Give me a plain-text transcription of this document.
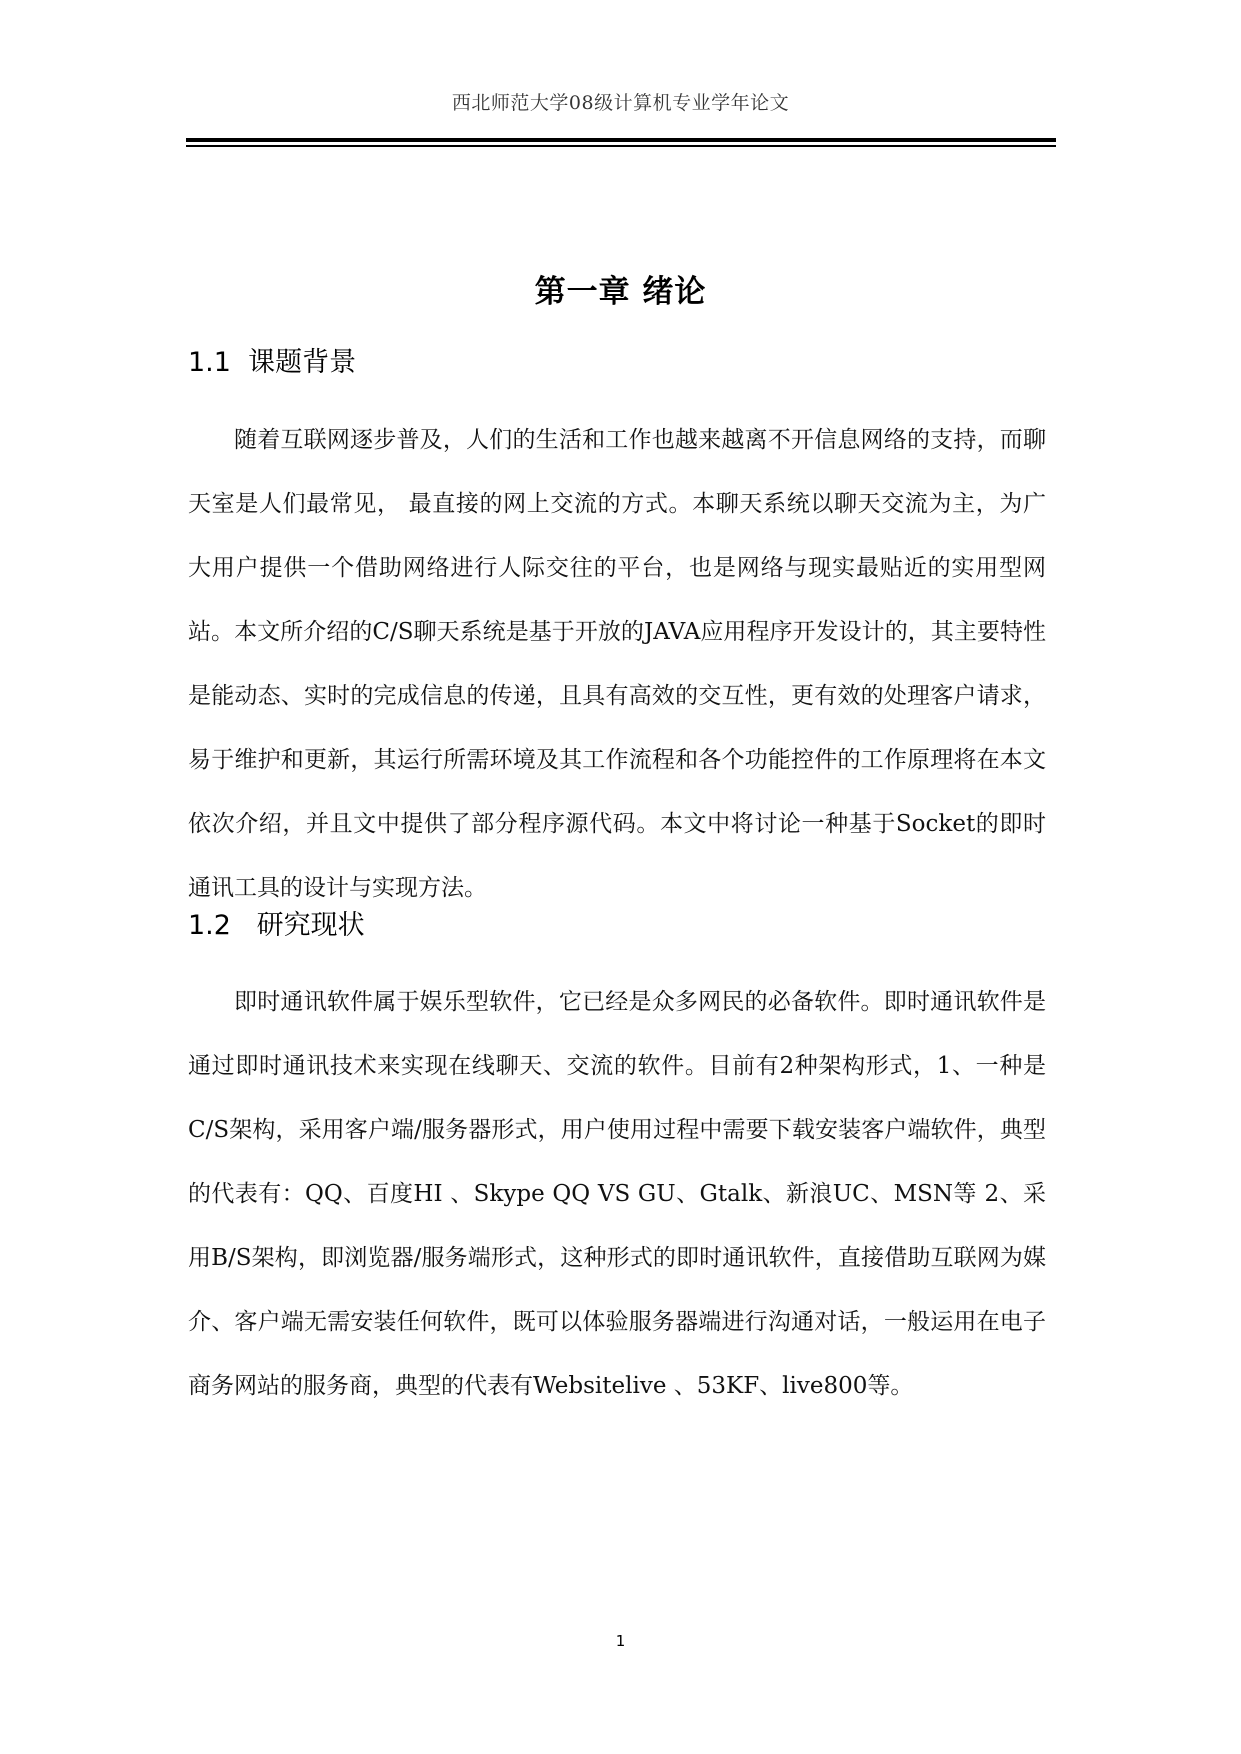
西北师范大学08级计算机专业学年论文
第一章 绪论
1.1  课题背景
随着互联网逐步普及，人们的生活和工作也越来越离不开信息网络的支持，而聊天室是人们最常见， 最直接的网上交流的方式。本聊天系统以聊天交流为主，为广大用户提供一个借助网络进行人际交往的平台，也是网络与现实最贴近的实用型网站。本文所介绍的C/S聊天系统是基于开放的JAVA应用程序开发设计的，其主要特性是能动态、实时的完成信息的传递，且具有高效的交互性，更有效的处理客户请求，易于维护和更新，其运行所需环境及其工作流程和各个功能控件的工作原理将在本文依次介绍，并且文中提供了部分程序源代码。本文中将讨论一种基于Socket的即时通讯工具的设计与实现方法。
1.2   研究现状
即时通讯软件属于娱乐型软件，它已经是众多网民的必备软件。即时通讯软件是通过即时通讯技术来实现在线聊天、交流的软件。目前有2种架构形式，1、一种是C/S架构，采用客户端/服务器形式，用户使用过程中需要下载安装客户端软件，典型的代表有：QQ、百度HI 、Skype QQ VS GU、Gtalk、新浪UC、MSN等 2、采用B/S架构，即浏览器/服务端形式，这种形式的即时通讯软件，直接借助互联网为媒介、客户端无需安装任何软件，既可以体验服务器端进行沟通对话，一般运用在电子商务网站的服务商，典型的代表有Websitelive 、53KF、live800等。
1
